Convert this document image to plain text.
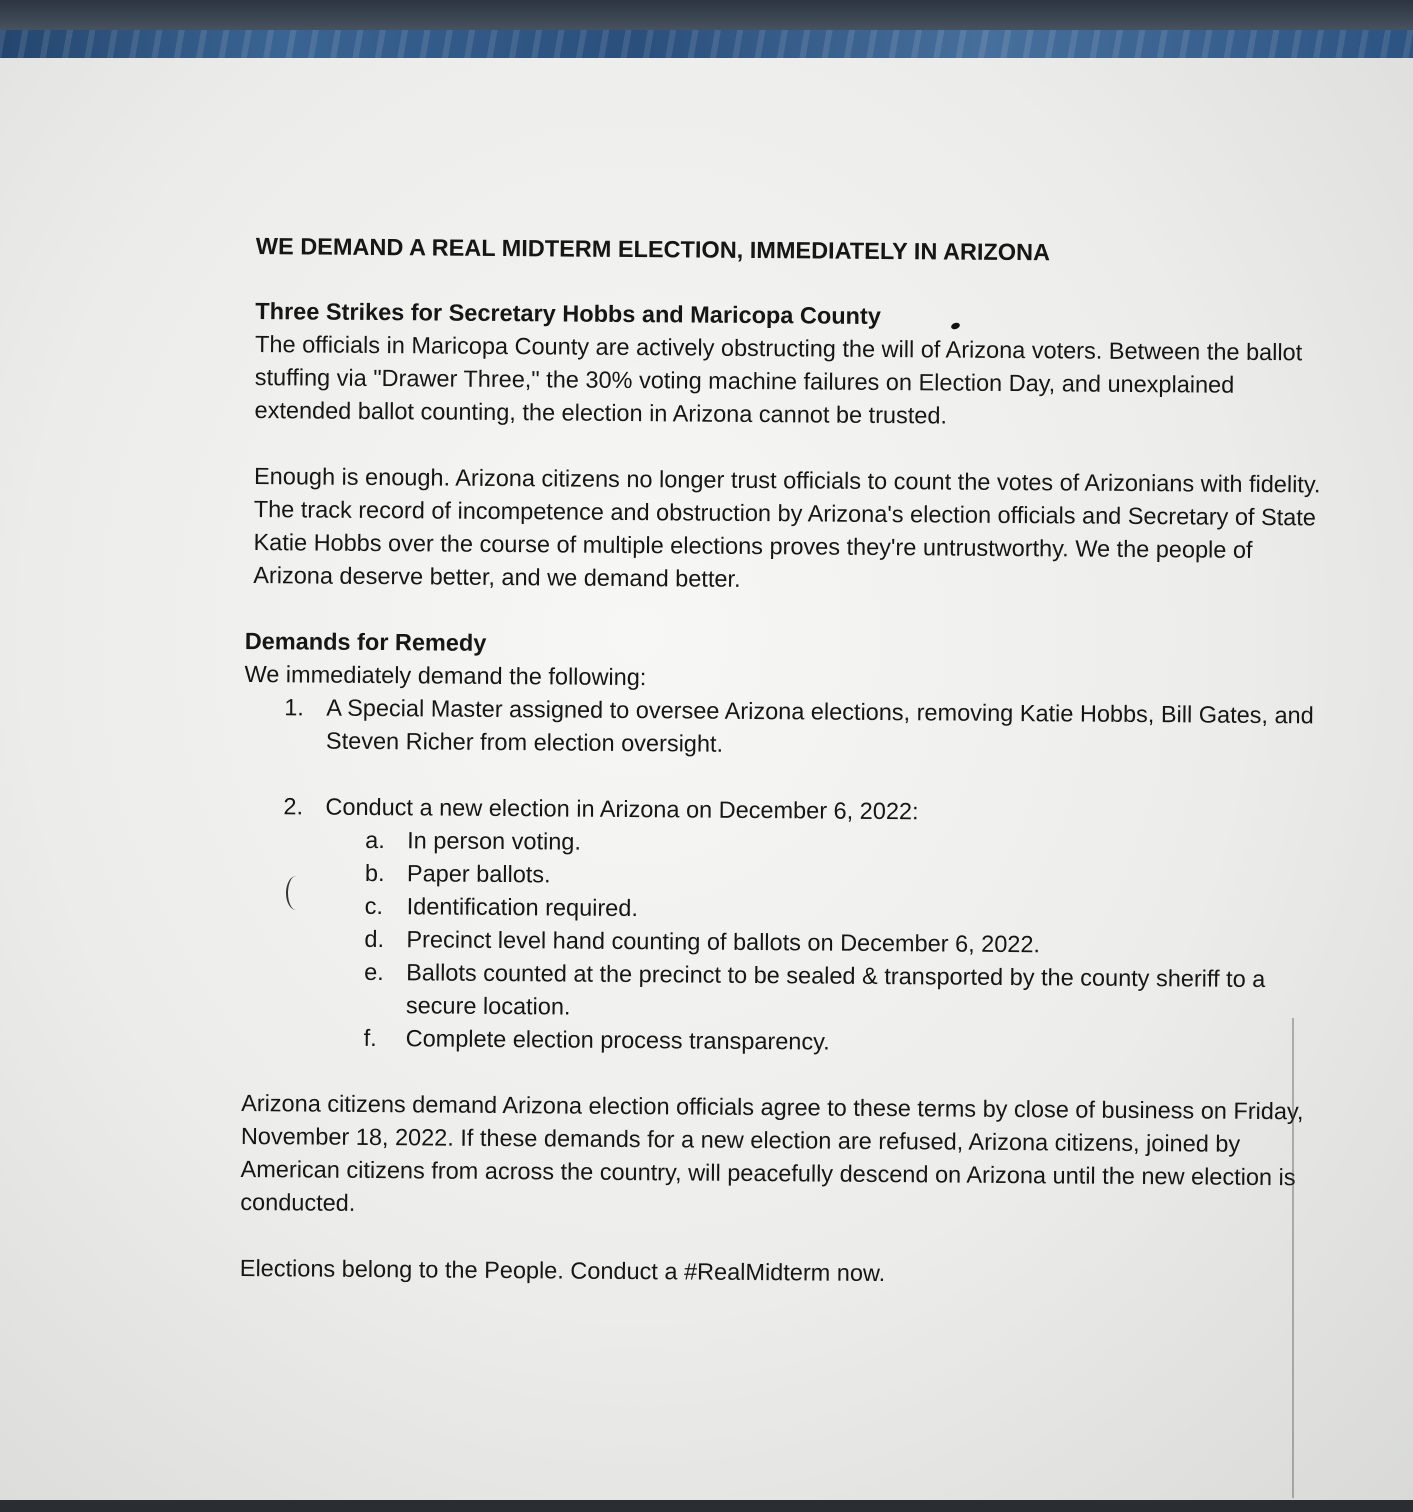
WE DEMAND A REAL MIDTERM ELECTION, IMMEDIATELY IN ARIZONA

Three Strikes for Secretary Hobbs and Maricopa County

The officials in Maricopa County are actively obstructing the will of Arizona voters. Between the ballot stuffing via "Drawer Three," the 30% voting machine failures on Election Day, and unexplained extended ballot counting, the election in Arizona cannot be trusted.

Enough is enough. Arizona citizens no longer trust officials to count the votes of Arizonians with fidelity. The track record of incompetence and obstruction by Arizona's election officials and Secretary of State Katie Hobbs over the course of multiple elections proves they're untrustworthy. We the people of Arizona deserve better, and we demand better.

Demands for Remedy

We immediately demand the following:

1. A Special Master assigned to oversee Arizona elections, removing Katie Hobbs, Bill Gates, and Steven Richer from election oversight.
2. Conduct a new election in Arizona on December 6, 2022:
a. In person voting.
b. Paper ballots.
c. Identification required.
d. Precinct level hand counting of ballots on December 6, 2022.
e. Ballots counted at the precinct to be sealed & transported by the county sheriff to a secure location.
f. Complete election process transparency.

Arizona citizens demand Arizona election officials agree to these terms by close of business on Friday, November 18, 2022. If these demands for a new election are refused, Arizona citizens, joined by American citizens from across the country, will peacefully descend on Arizona until the new election is conducted.

Elections belong to the People. Conduct a #RealMidterm now.
